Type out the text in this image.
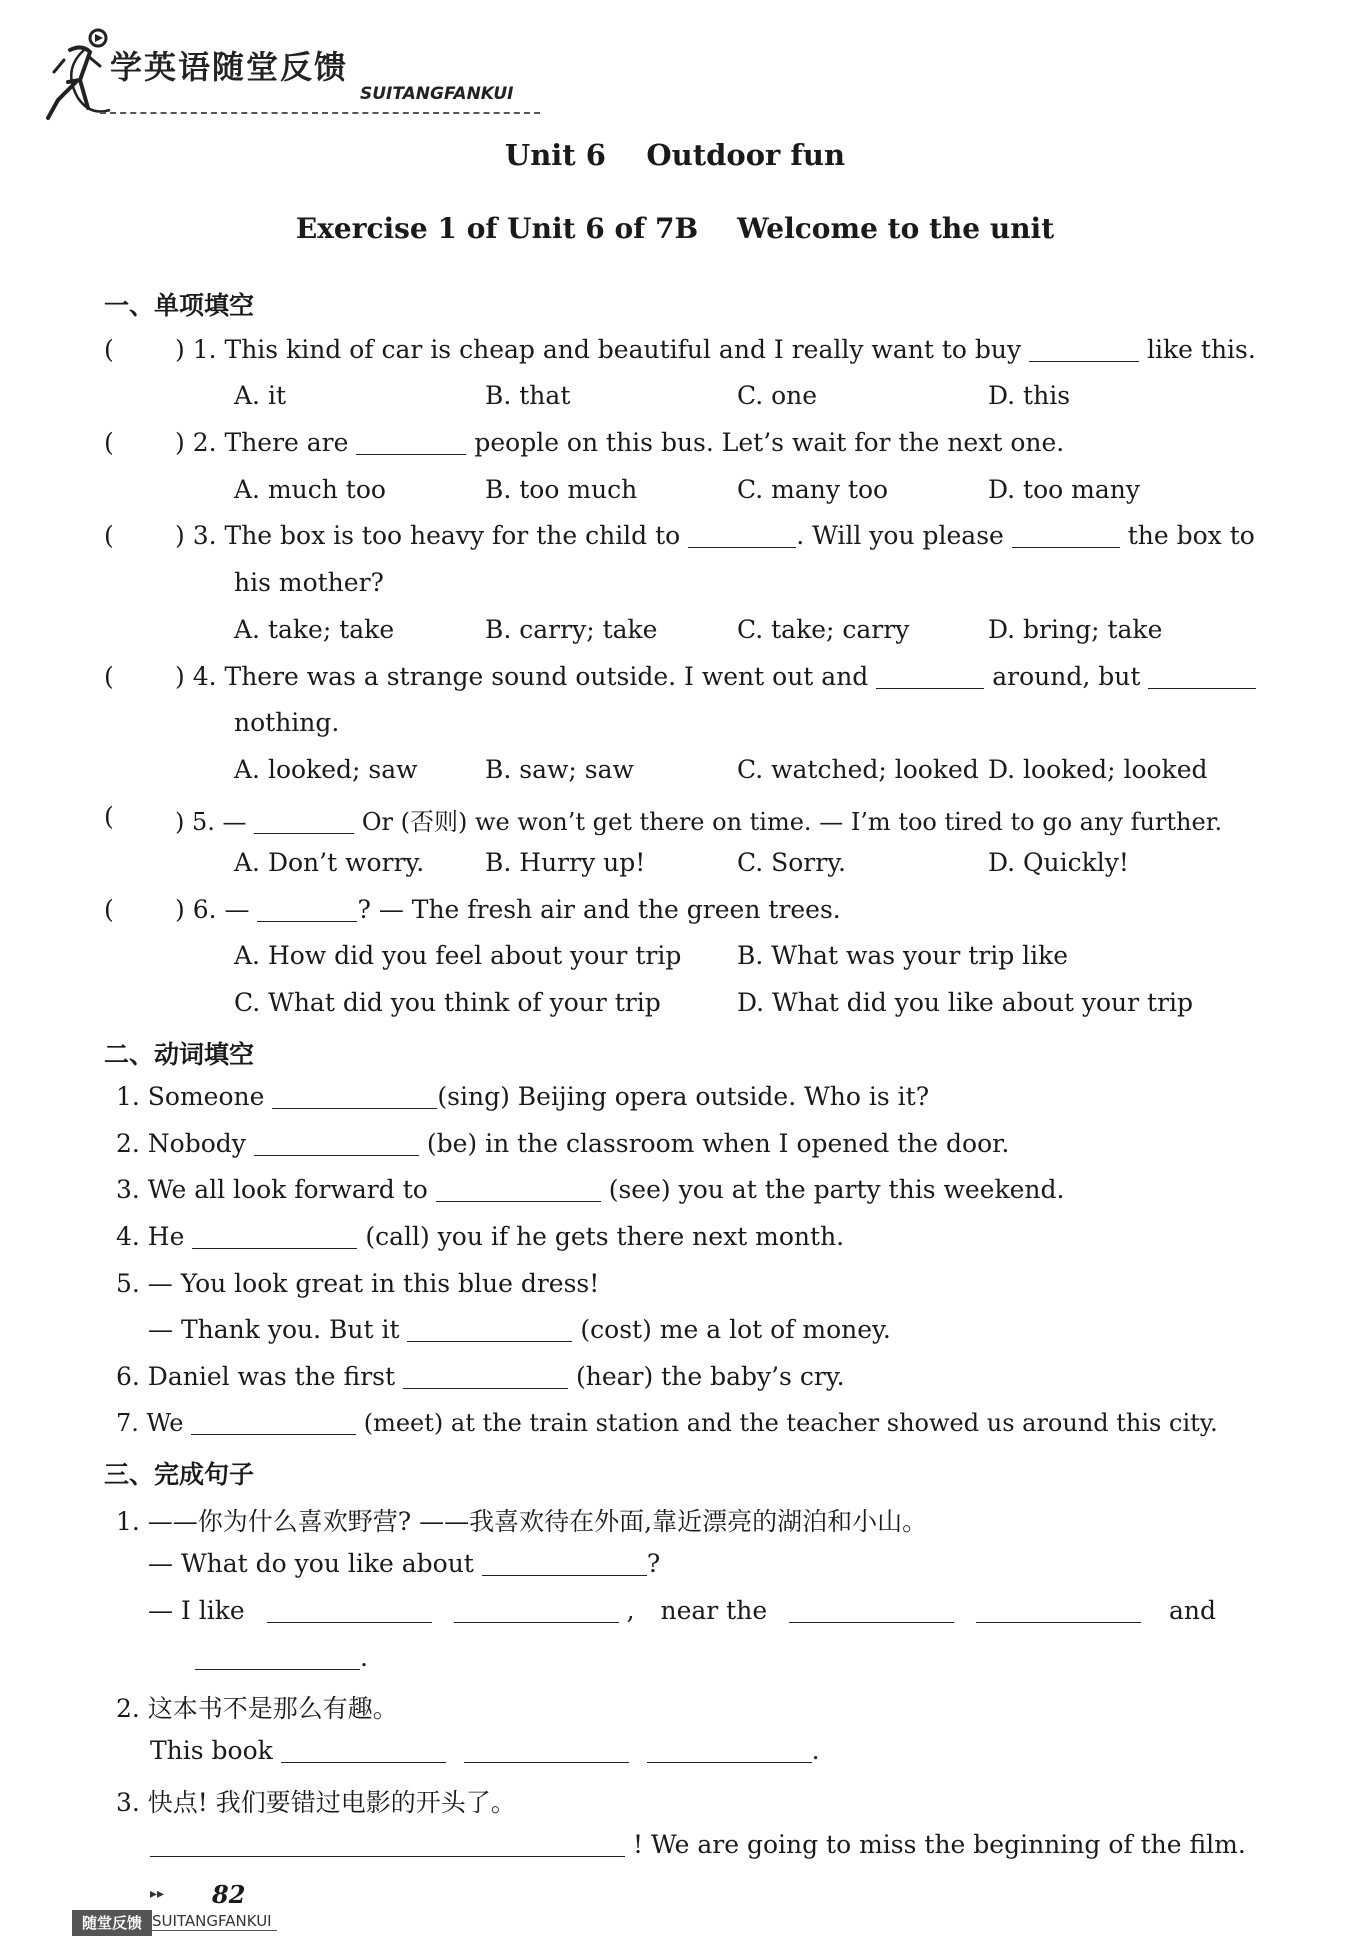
学英语随堂反馈
SUITANGFANKUI
Unit 6    Outdoor fun
Exercise 1 of Unit 6 of 7B    Welcome to the unit
一、单项填空
( ) 1. This kind of car is cheap and beautiful and I really want to buy	like this.
A. it	B. that	C. one	D. this
( ) 2. There are	people on this bus. Let’s wait for the next one.
A. much too	B. too much	C. many too	D. too many
( ) 3. The box is too heavy for the child to	. Will you please	the box to
his mother?
A. take; take	B. carry; take	C. take; carry	D. bring; take
( ) 4. There was a strange sound outside. I went out and	around, but
nothing.
A. looked; saw	B. saw; saw	C. watched; looked D. looked; looked
(	) 5. —	Or (否则) we won’t get there on time. — I’m too tired to go any further.
A. Don’t worry. B. Hurry up!	C. Sorry.	D. Quickly!
( ) 6. —	? — The fresh air and the green trees.
A. How did you feel about your trip B. What was your trip like
C. What did you think of your trip	D. What did you like about your trip
二、动词填空
1. Someone	(sing) Beijing opera outside. Who is it?
2. Nobody	(be) in the classroom when I opened the door.
3. We all look forward to	(see) you at the party this weekend.
4. He	(call) you if he gets there next month.
5. — You look great in this blue dress!
— Thank you. But it	(cost) me a lot of money.
6. Daniel was the first	(hear) the baby’s cry.
7. We	(meet) at the train station and the teacher showed us around this city.
三、完成句子
1. ——你为什么喜欢野营? ——我喜欢待在外面,靠近漂亮的湖泊和小山。
— What do you like about	?
— I like	, near the	and
.
2. 这本书不是那么有趣。
This book	.
3. 快点! 我们要错过电影的开头了。
! We are going to miss the beginning of the film.
▸▸ 82
随堂反馈 SUITANGFANKUI
